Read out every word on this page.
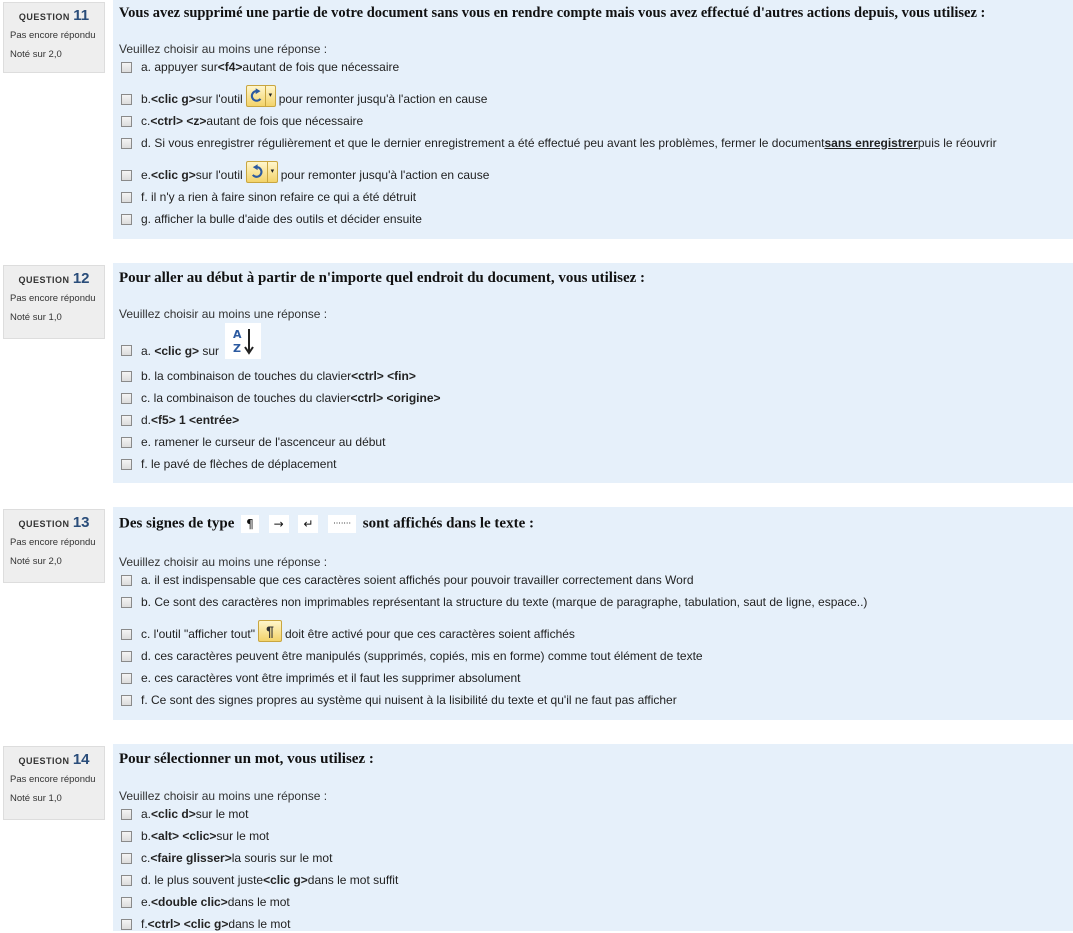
QUESTION 11
Pas encore répondu
Noté sur 2,0
Vous avez supprimé une partie de votre document sans vous en rendre compte mais vous avez effectué d'autres actions depuis, vous utilisez :
Veuillez choisir au moins une réponse :
a. appuyer sur <f4> autant de fois que nécessaire
b. <clic g> sur l'outil	▾ pour remonter jusqu'à l'action en cause
c. <ctrl> <z> autant de fois que nécessaire
d. Si vous enregistrer régulièrement et que le dernier enregistrement a été effectué peu avant les problèmes, fermer le document sans enregistrer puis le réouvrir
e. <clic g> sur l'outil	▾ pour remonter jusqu'à l'action en cause
f. il n'y a rien à faire sinon refaire ce qui a été détruit
g. afficher la bulle d'aide des outils et décider ensuite
QUESTION 12
Pas encore répondu
Noté sur 1,0
Pour aller au début à partir de n'importe quel endroit du document, vous utilisez :
Veuillez choisir au moins une réponse :
a. <clic g> sur
A
Z
b. la combinaison de touches du clavier <ctrl> <fin>
c. la combinaison de touches du clavier <ctrl> <origine>
d. <f5> 1 <entrée>
e. ramener le curseur de l'ascenceur au début
f. le pavé de flèches de déplacement
QUESTION 13
Pas encore répondu
Noté sur 2,0
Des signes de type ¶ → ↵ ······· sont affichés dans le texte :
Veuillez choisir au moins une réponse :
a. il est indispensable que ces caractères soient affichés pour pouvoir travailler correctement dans Word
b. Ce sont des caractères non imprimables représentant la structure du texte (marque de paragraphe, tabulation, saut de ligne, espace..)
c. l'outil "afficher tout" ¶ doit être activé pour que ces caractères soient affichés
d. ces caractères peuvent être manipulés (supprimés, copiés, mis en forme) comme tout élément de texte
e. ces caractères vont être imprimés et il faut les supprimer absolument
f. Ce sont des signes propres au système qui nuisent à la lisibilité du texte et qu'il ne faut pas afficher
QUESTION 14
Pas encore répondu
Noté sur 1,0
Pour sélectionner un mot, vous utilisez :
Veuillez choisir au moins une réponse :
a. <clic d> sur le mot
b. <alt> <clic> sur le mot
c. <faire glisser> la souris sur le mot
d. le plus souvent juste <clic g> dans le mot suffit
e. <double clic> dans le mot
f. <ctrl> <clic g> dans le mot
